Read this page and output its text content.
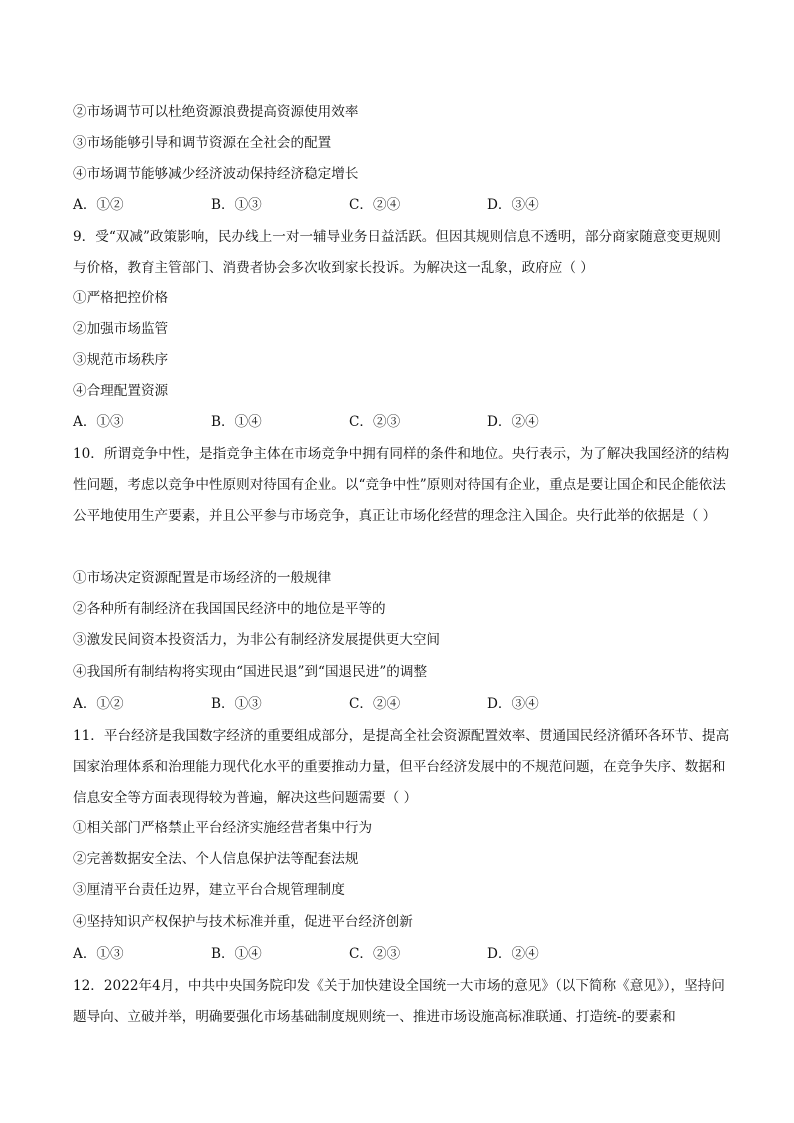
②市场调节可以杜绝资源浪费提高资源使用效率
③市场能够引导和调节资源在全社会的配置
④市场调节能够减少经济波动保持经济稳定增长
A．①②	B．①③	C．②④	D．③④
9．受“双减”政策影响，民办线上一对一辅导业务日益活跃。但因其规则信息不透明，部分商家随意变更规则与价格，教育主管部门、消费者协会多次收到家长投诉。为解决这一乱象，政府应（ ）
①严格把控价格
②加强市场监管
③规范市场秩序
④合理配置资源
A．①③	B．①④	C．②③	D．②④
10．所谓竞争中性，是指竞争主体在市场竞争中拥有同样的条件和地位。央行表示，为了解决我国经济的结构性问题，考虑以竞争中性原则对待国有企业。以“竞争中性”原则对待国有企业，重点是要让国企和民企能依法公平地使用生产要素，并且公平参与市场竞争，真正让市场化经营的理念注入国企。央行此举的依据是（ ）
①市场决定资源配置是市场经济的一般规律
②各种所有制经济在我国国民经济中的地位是平等的
③激发民间资本投资活力，为非公有制经济发展提供更大空间
④我国所有制结构将实现由“国进民退”到“国退民进”的调整
A．①②	B．①③	C．②④	D．③④
11．平台经济是我国数字经济的重要组成部分，是提高全社会资源配置效率、贯通国民经济循环各环节、提高国家治理体系和治理能力现代化水平的重要推动力量，但平台经济发展中的不规范问题，在竞争失序、数据和信息安全等方面表现得较为普遍，解决这些问题需要（ ）
①相关部门严格禁止平台经济实施经营者集中行为
②完善数据安全法、个人信息保护法等配套法规
③厘清平台责任边界，建立平台合规管理制度
④坚持知识产权保护与技术标准并重，促进平台经济创新
A．①③	B．①④	C．②③	D．②④
12．2022年4月，中共中央国务院印发《关于加快建设全国统一大市场的意见》（以下简称《意见》），坚持问题导向、立破并举，明确要强化市场基础制度规则统一、推进市场设施高标准联通、打造统-的要素和
